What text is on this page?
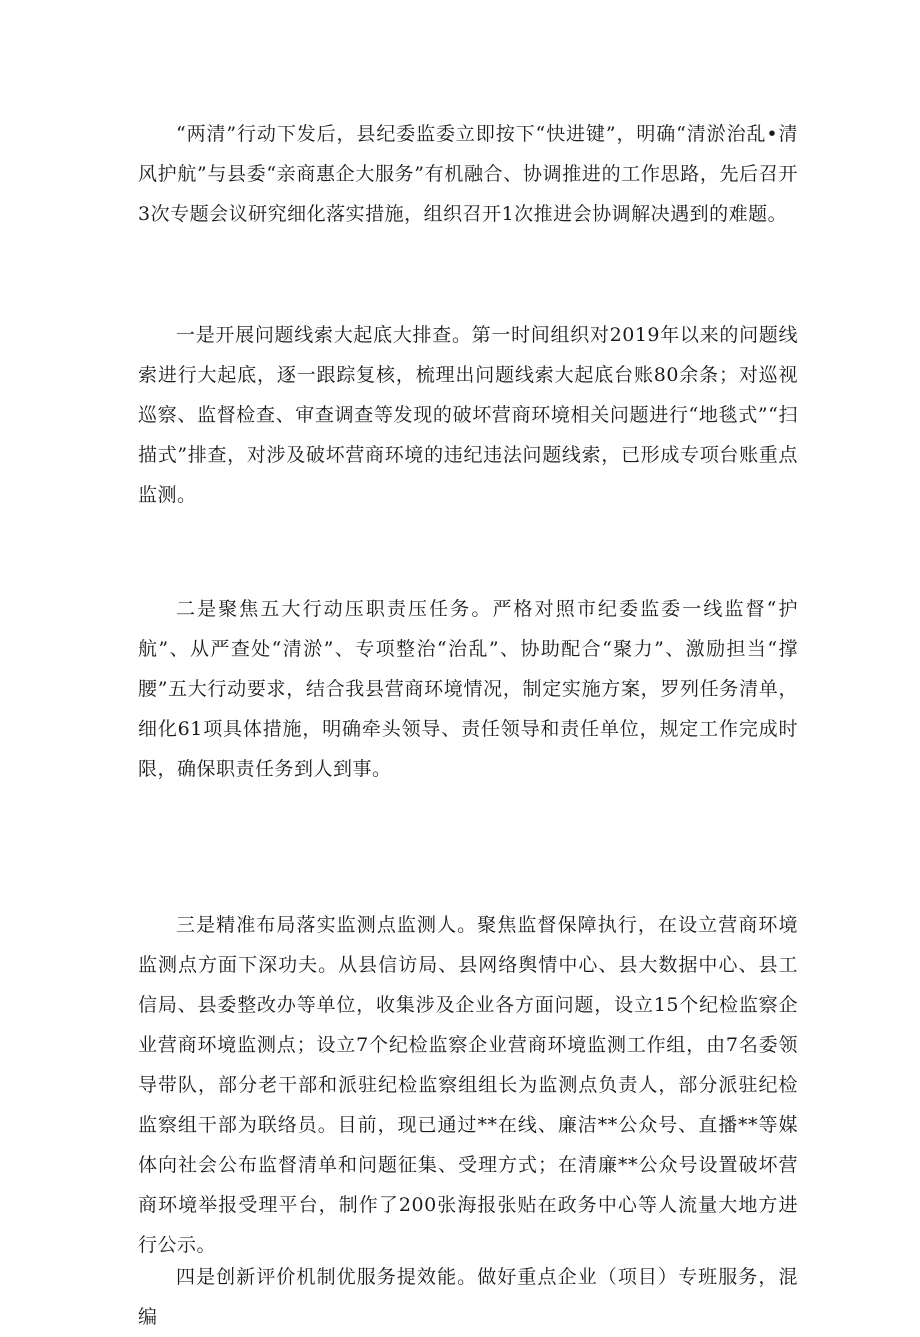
“两清”行动下发后，县纪委监委立即按下“快进键”，明确“清淤治乱•清风护航”与县委“亲商惠企大服务”有机融合、协调推进的工作思路，先后召开3次专题会议研究细化落实措施，组织召开1次推进会协调解决遇到的难题。

一是开展问题线索大起底大排查。第一时间组织对2019年以来的问题线索进行大起底，逐一跟踪复核，梳理出问题线索大起底台账80余条；对巡视巡察、监督检查、审查调查等发现的破坏营商环境相关问题进行“地毯式”“扫描式”排查，对涉及破坏营商环境的违纪违法问题线索，已形成专项台账重点监测。

二是聚焦五大行动压职责压任务。严格对照市纪委监委一线监督“护航”、从严查处“清淤”、专项整治“治乱”、协助配合“聚力”、激励担当“撑腰”五大行动要求，结合我县营商环境情况，制定实施方案，罗列任务清单，细化61项具体措施，明确牵头领导、责任领导和责任单位，规定工作完成时限，确保职责任务到人到事。

三是精准布局落实监测点监测人。聚焦监督保障执行，在设立营商环境监测点方面下深功夫。从县信访局、县网络舆情中心、县大数据中心、县工信局、县委整改办等单位，收集涉及企业各方面问题，设立15个纪检监察企业营商环境监测点；设立7个纪检监察企业营商环境监测工作组，由7名委领导带队，部分老干部和派驻纪检监察组组长为监测点负责人，部分派驻纪检监察组干部为联络员。目前，现已通过**在线、廉洁**公众号、直播**等媒体向社会公布监督清单和问题征集、受理方式；在清廉**公众号设置破坏营商环境举报受理平台，制作了200张海报张贴在政务中心等人流量大地方进行公示。

四是创新评价机制优服务提效能。做好重点企业（项目）专班服务，混编
